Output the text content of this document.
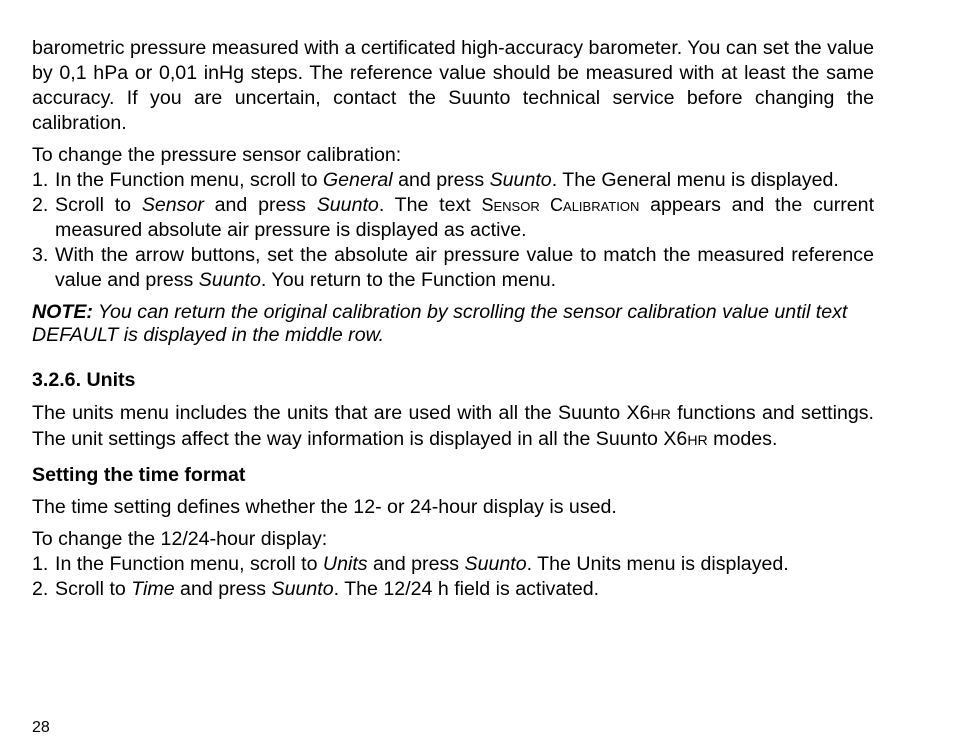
barometric pressure measured with a certificated high-accuracy barometer. You can set the value by 0,1 hPa or 0,01 inHg steps. The reference value should be measured with at least the same accuracy. If you are uncertain, contact the Suunto technical service before changing the calibration.

To change the pressure sensor calibration:

1. In the Function menu, scroll to General and press Suunto. The General menu is displayed.
2. Scroll to Sensor and press Suunto. The text Sensor Calibration appears and the current measured absolute air pressure is displayed as active.
3. With the arrow buttons, set the absolute air pressure value to match the measured reference value and press Suunto. You return to the Function menu.

NOTE: You can return the original calibration by scrolling the sensor calibration value until text DEFAULT is displayed in the middle row.

3.2.6. Units

The units menu includes the units that are used with all the Suunto X6HR functions and settings. The unit settings affect the way information is displayed in all the Suunto X6HR modes.

Setting the time format

The time setting defines whether the 12- or 24-hour display is used.

To change the 12/24-hour display:

1. In the Function menu, scroll to Units and press Suunto. The Units menu is displayed.
2. Scroll to Time and press Suunto. The 12/24 h field is activated.
28
